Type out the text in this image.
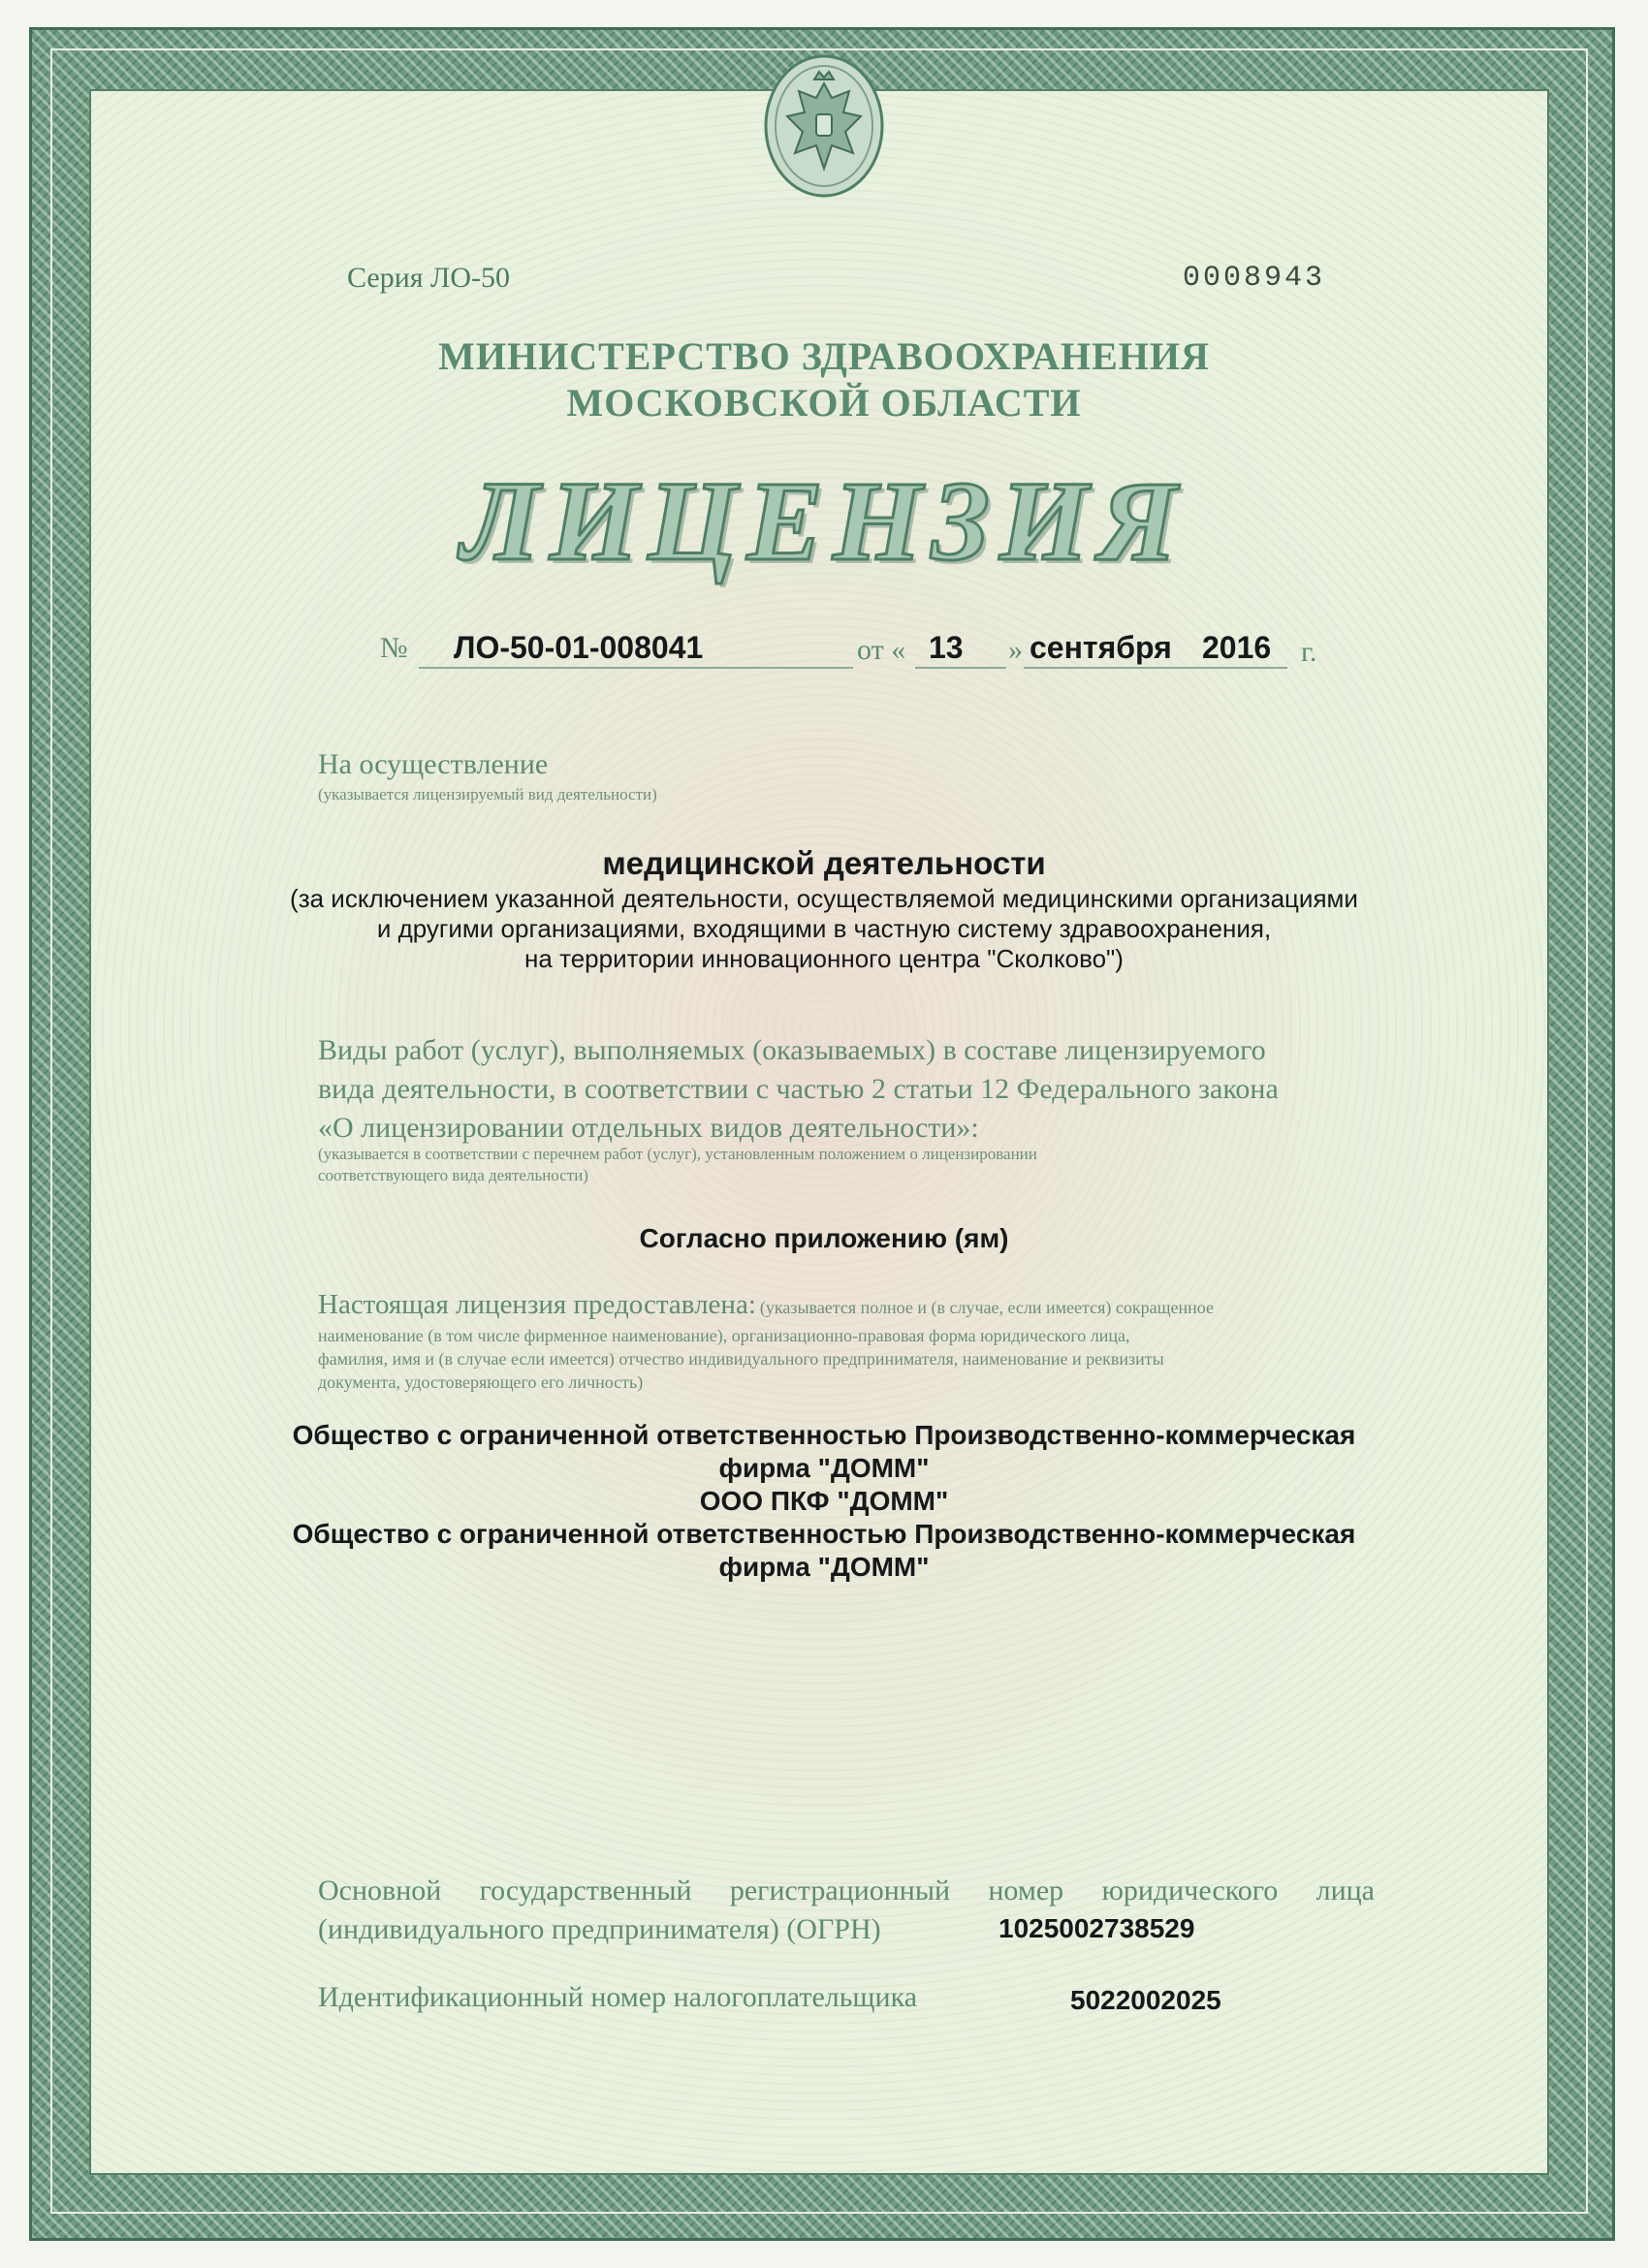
Серия ЛО-50	0008943
МИНИСТЕРСТВО ЗДРАВООХРАНЕНИЯ
МОСКОВСКОЙ ОБЛАСТИ
ЛИЦЕНЗИЯ
№ ЛО-50-01-008041	от « 13 » сентября 2016 г.
На осуществление
(указывается лицензируемый вид деятельности)
медицинской деятельности
(за исключением указанной деятельности, осуществляемой медицинскими организациями
и другими организациями, входящими в частную систему здравоохранения,
на территории инновационного центра "Сколково")
Виды работ (услуг), выполняемых (оказываемых) в составе лицензируемого
вида деятельности, в соответствии с частью 2 статьи 12 Федерального закона
«О лицензировании отдельных видов деятельности»:
(указывается в соответствии с перечнем работ (услуг), установленным положением о лицензировании
соответствующего вида деятельности)
Согласно приложению (ям)
Настоящая лицензия предоставлена: (указывается полное и (в случае, если имеется) сокращенное
наименование (в том числе фирменное наименование), организационно-правовая форма юридического лица,
фамилия, имя и (в случае если имеется) отчество индивидуального предпринимателя, наименование и реквизиты
документа, удостоверяющего его личность)
Общество с ограниченной ответственностью Производственно-коммерческая
фирма "ДОММ"
ООО ПКФ "ДОММ"
Общество с ограниченной ответственностью Производственно-коммерческая
фирма "ДОММ"
Основной государственный регистрационный номер юридического лица
(индивидуального предпринимателя) (ОГРН)	1025002738529
Идентификационный номер налогоплательщика	5022002025
